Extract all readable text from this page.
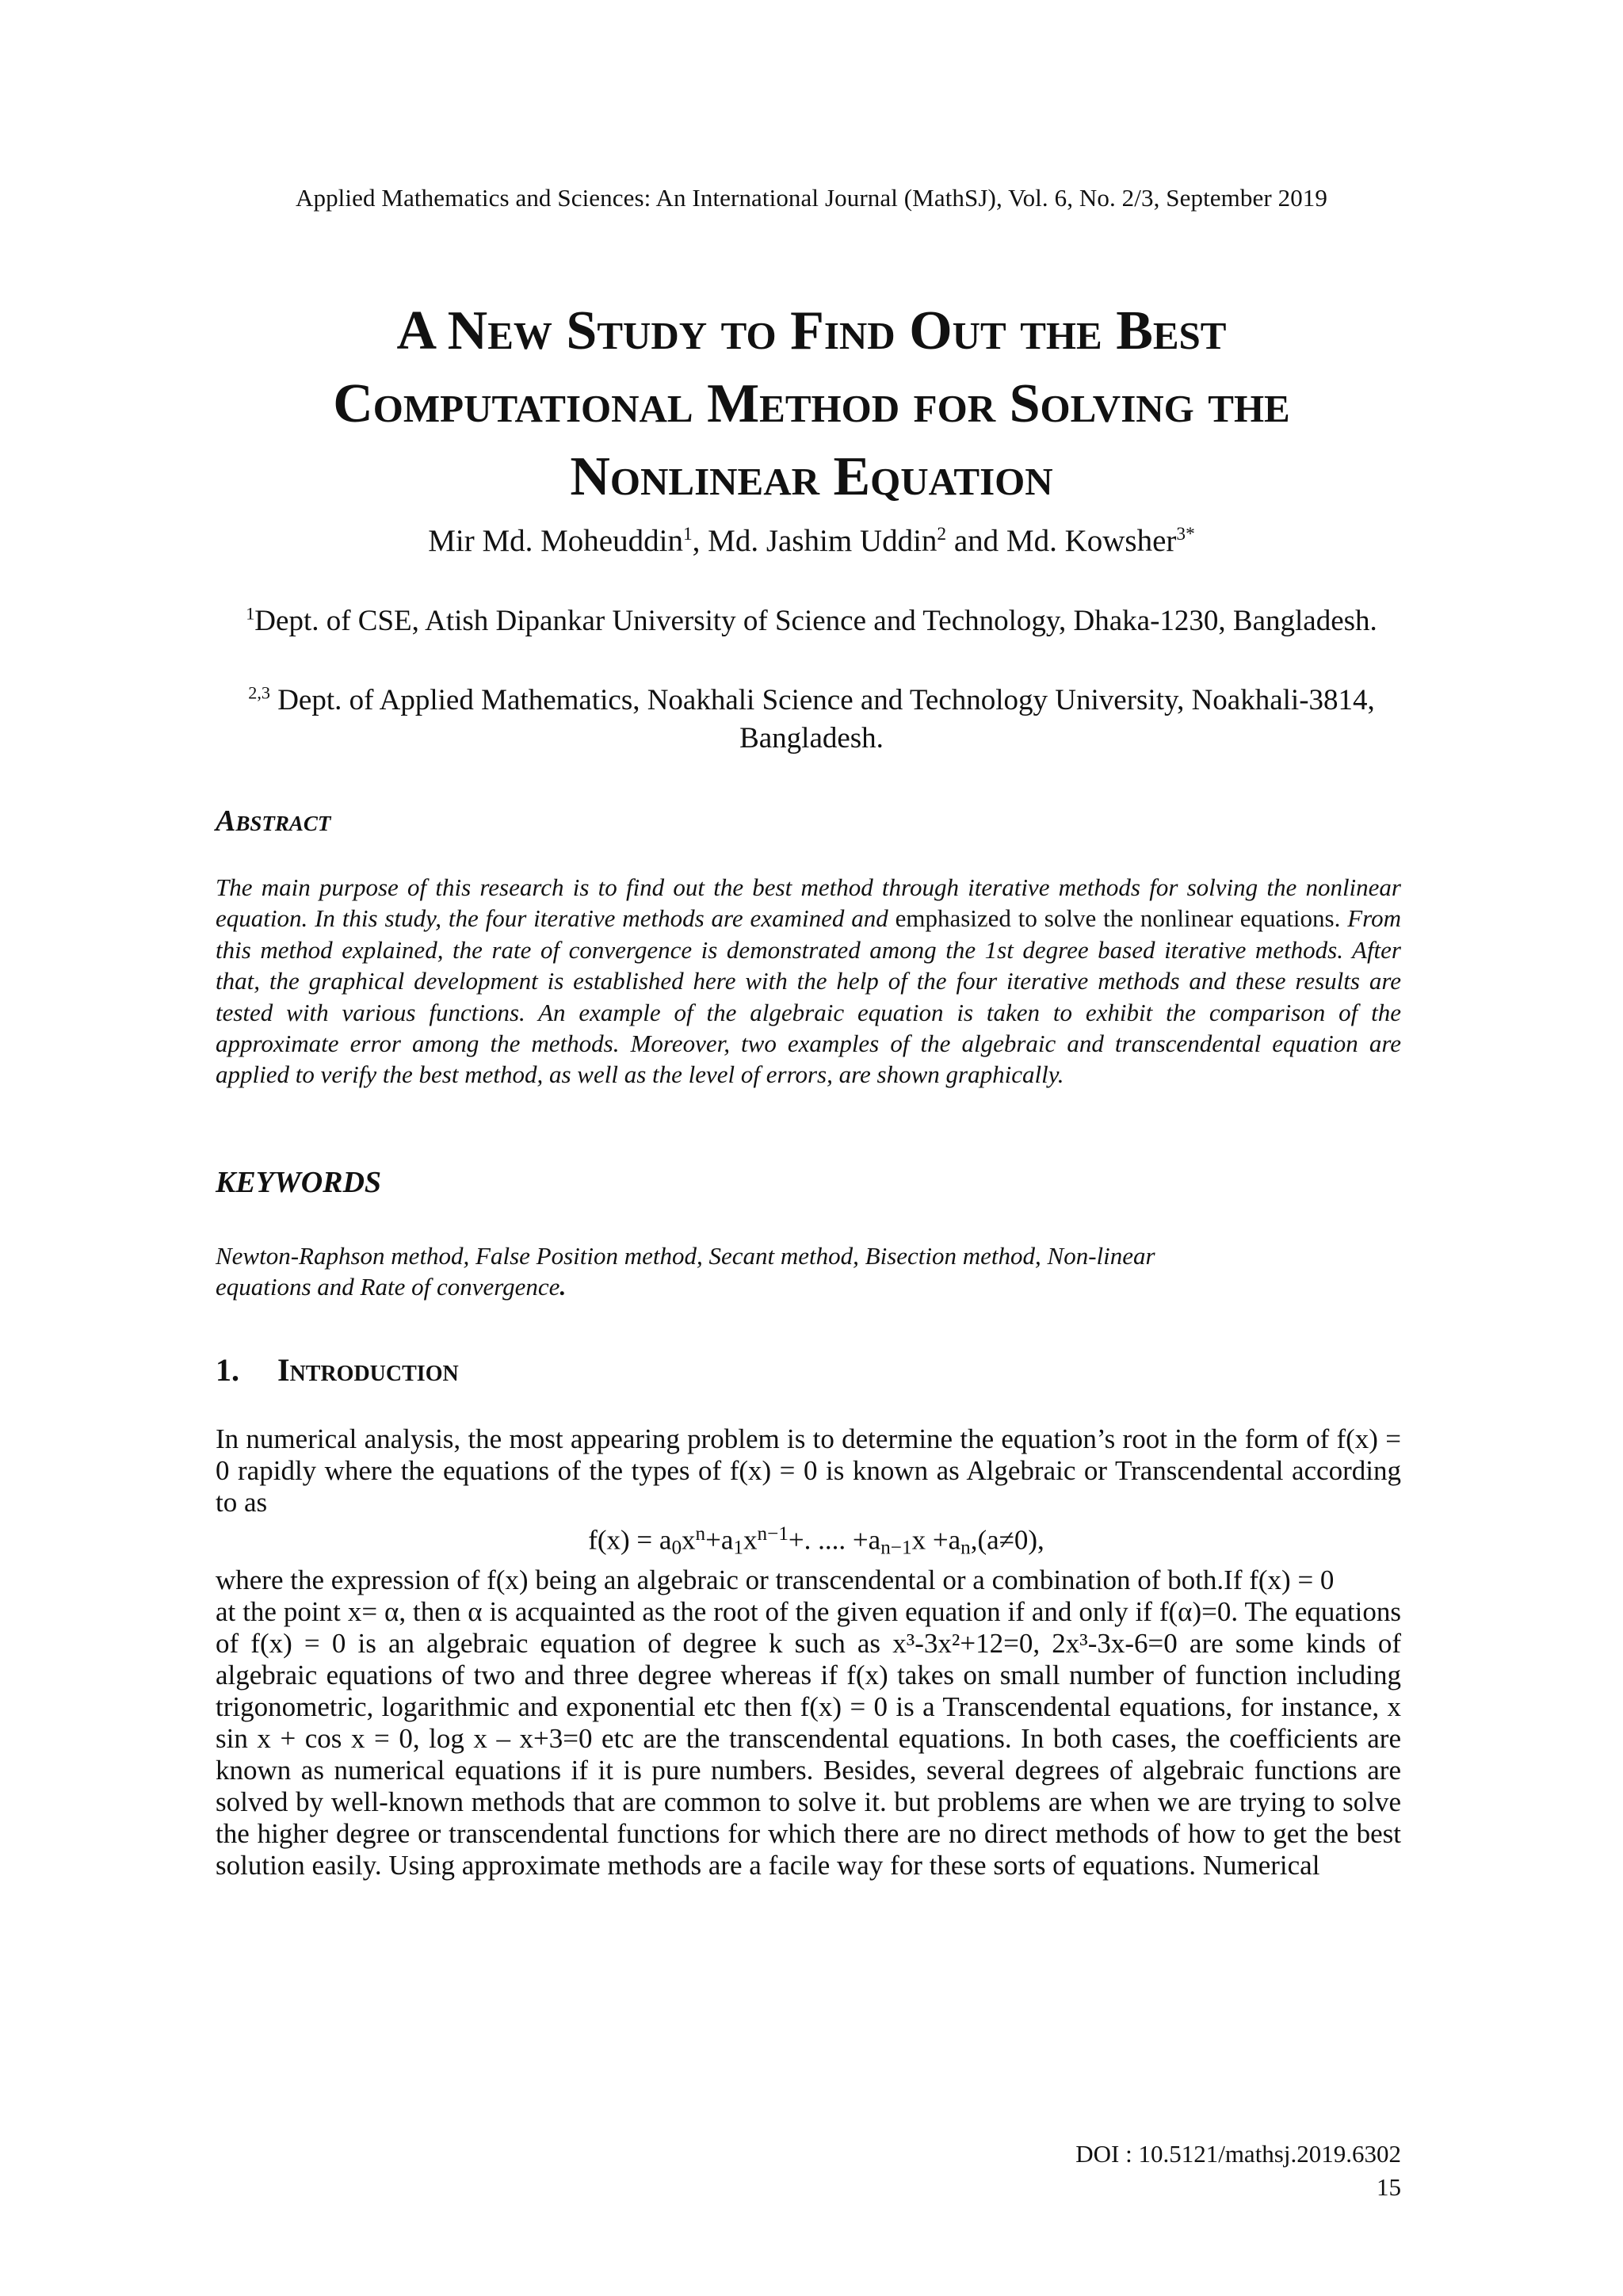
Applied Mathematics and Sciences: An International Journal (MathSJ), Vol. 6, No. 2/3, September 2019
A New Study to Find Out the Best
Computational Method for Solving the
Nonlinear Equation
Mir Md. Moheuddin$^1$, Md. Jashim Uddin$^2$ and Md. Kowsher$^{3*}$
$^1$Dept. of CSE, Atish Dipankar University of Science and Technology, Dhaka-1230, Bangladesh.
$^{2,3}$ Dept. of Applied Mathematics, Noakhali Science and Technology University, Noakhali-3814, Bangladesh.
Abstract
The main purpose of this research is to find out the best method through iterative methods for solving the nonlinear equation. In this study, the four iterative methods are examined and emphasized to solve the nonlinear equations. From this method explained, the rate of convergence is demonstrated among the 1st degree based iterative methods. After that, the graphical development is established here with the help of the four iterative methods and these results are tested with various functions. An example of the algebraic equation is taken to exhibit the comparison of the approximate error among the methods. Moreover, two examples of the algebraic and transcendental equation are applied to verify the best method, as well as the level of errors, are shown graphically.
KEYWORDS
Newton-Raphson method, False Position method, Secant method, Bisection method, Non-linear equations and Rate of convergence.
1. Introduction

In numerical analysis, the most appearing problem is to determine the equation’s root in the form of f(x) = 0 rapidly where the equations of the types of f(x) = 0 is known as Algebraic or Transcendental according to as

$f(x) = a_0x^n+a_1x^{n-1}+$. .... $+a_{n-1}x +a_n,(a\ne 0)$,

where the expression of f(x) being an algebraic or transcendental or a combination of both.If f(x) = 0

at the point x= α, then α is acquainted as the root of the given equation if and only if f(α)=0. The equations of f(x) = 0 is an algebraic equation of degree k such as x³-3x²+12=0, 2x³-3x-6=0 are some kinds of algebraic equations of two and three degree whereas if f(x) takes on small number of function including trigonometric, logarithmic and exponential etc then f(x) = 0 is a Transcendental equations, for instance, x sin x + cos x = 0, log x – x+3=0 etc are the transcendental equations. In both cases, the coefficients are known as numerical equations if it is pure numbers. Besides, several degrees of algebraic functions are solved by well-known methods that are common to solve it. but problems are when we are trying to solve the higher degree or transcendental functions for which there are no direct methods of how to get the best solution easily. Using approximate methods are a facile way for these sorts of equations. Numerical

DOI : 10.5121/mathsj.2019.6302
15
